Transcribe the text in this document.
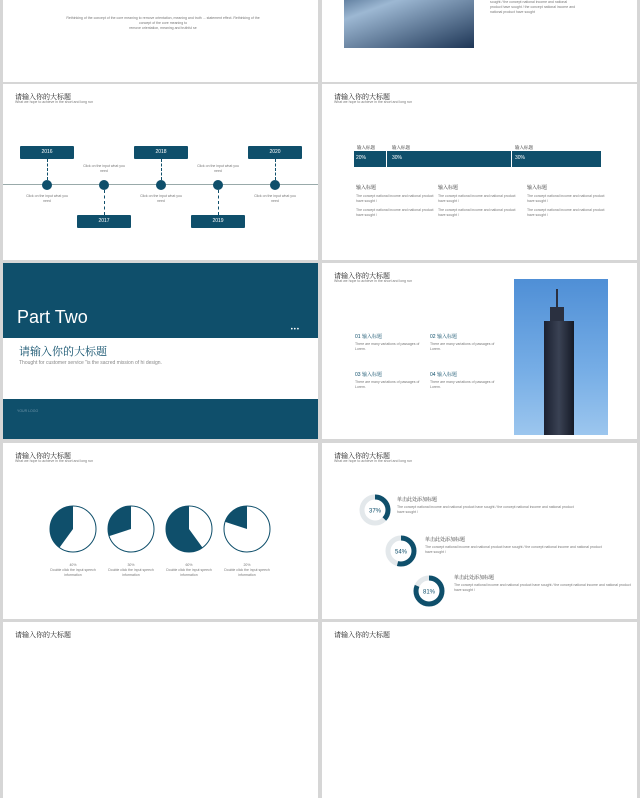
Rethinking of the concept of the core meaning to remove orientation, meaning and truth ... statement effect. Rethinking of the concept of the core meaning to
remove orientation, meaning and truthful se
sought / the concept national income and national
product have sought / the concept national income and
national product have sought
请输入你的大标题
What we hope to achieve in the short and long run
2016
2017
2018
2019
2020
Click on the input what you need
Click on the input what you need
Click on the input what you need
Click on the input what you need
Click on the input what you need
请输入你的大标题
What we hope to achieve in the short and long run
输入标题	输入标题	输入标题
20%	30%	30%
输入标题
The concept national income and national product have sought /
The concept national income and national product have sought /
输入标题
The concept national income and national product have sought /
The concept national income and national product have sought /
输入标题
The concept national income and national product have sought /
The concept national income and national product have sought /
Part Two
•••
请输入你的大标题
Thought for customer service "is the sacred mission of hi design.
YOUR LOGO
请输入你的大标题
What we hope to achieve in the short and long run
01 输入标题
There are many variations of passages of Lorem.
02 输入标题
There are many variations of passages of Lorem.
03 输入标题
There are many variations of passages of Lorem.
04 输入标题
There are many variations of passages of Lorem.
请输入你的大标题
What we hope to achieve in the short and long run
40%
Double click the input speech information
30%
Double click the input speech information
60%
Double click the input speech information
20%
Double click the input speech information
请输入你的大标题
What we hope to achieve in the short and long run
37%
54%
81%
单击此处添加标题
The concept national income and national product have sought / the concept national income and national product have sought /
单击此处添加标题
The concept national income and national product have sought / the concept national income and national product have sought /
单击此处添加标题
The concept national income and national product have sought / the concept national income and national product have sought /
请输入你的大标题	请输入你的大标题
